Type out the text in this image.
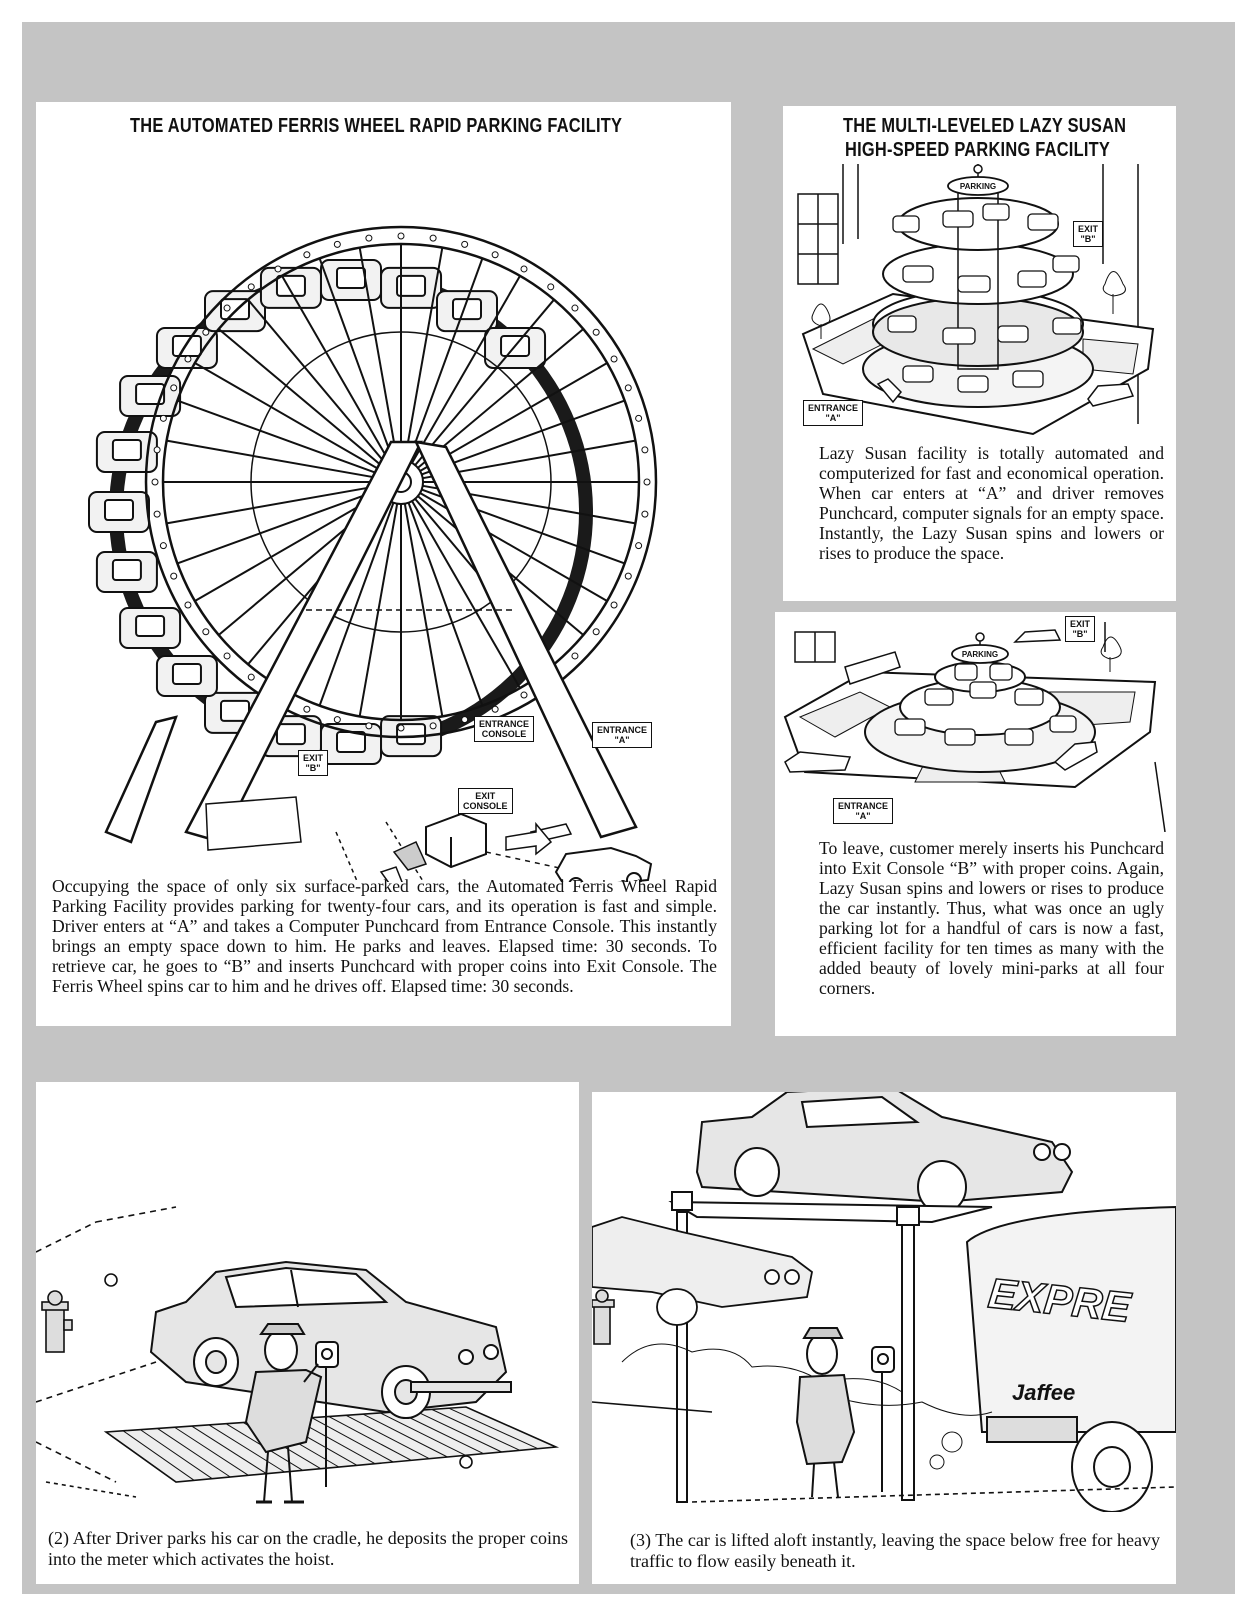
THE AUTOMATED FERRIS WHEEL RAPID PARKING FACILITY
ENTRANCE
CONSOLE	ENTRANCE
"A"
EXIT
"B"
EXIT
CONSOLE

Occupying the space of only six surface-parked cars, the Automated Ferris Wheel Rapid Parking Facility provides parking for twenty-four cars, and its operation is fast and simple. Driver enters at “A” and takes a Computer Punchcard from Entrance Console. This instantly brings an empty space down to him. He parks and leaves. Elapsed time: 30 seconds. To retrieve car, he goes to “B” and inserts Punchcard with proper coins into Exit Console. The Ferris Wheel spins car to him and he drives off. Elapsed time: 30 seconds.

THE MULTI-LEVELED LAZY SUSAN
HIGH-SPEED PARKING FACILITY
PARKING
EXIT
"B"
ENTRANCE
"A"

Lazy Susan facility is totally automated and computerized for fast and economical operation. When car enters at “A” and driver removes Punchcard, computer signals for an empty space. Instantly, the Lazy Susan spins and lowers or rises to produce the space.

PARKING
EXIT
"B"
ENTRANCE
"A"

To leave, customer merely inserts his Punchcard into Exit Console “B” with proper coins. Again, Lazy Susan spins and lowers or rises to produce the car instantly. Thus, what was once an ugly parking lot for a handful of cars is now a fast, efficient facility for ten times as many with the added beauty of lovely mini-parks at all four corners.

(2) After Driver parks his car on the cradle, he deposits the proper coins into the meter which activates the hoist.

EXPRE
Jaffee

(3) The car is lifted aloft instantly, leaving the space below free for heavy traffic to flow easily beneath it.
